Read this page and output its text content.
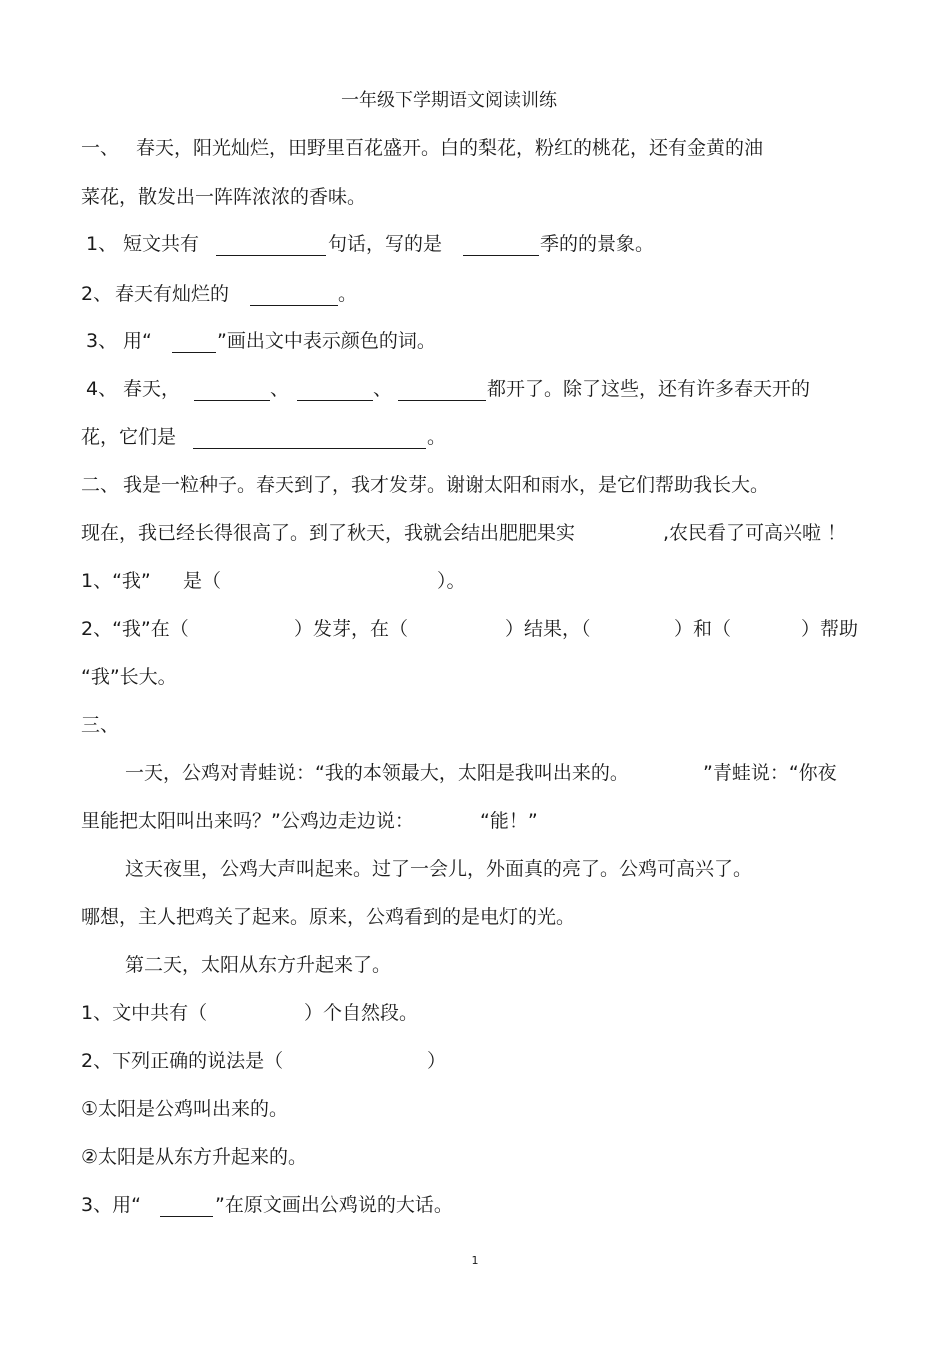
一年级下学期语文阅读训练
一、 春天，阳光灿烂，田野里百花盛开。白的梨花，粉红的桃花，还有金黄的油
菜花，散发出一阵阵浓浓的香味。
1、 短文共有	句话，写的是	季的的景象。
2、 春天有灿烂的	。
3、 用“	”画出文中表示颜色的词。
4、 春天，	、	、	都开了。除了这些，还有许多春天开的
花，它们是	。
二、 我是一粒种子。春天到了，我才发芽。谢谢太阳和雨水，是它们帮助我长大。
现在，我已经长得很高了。到了秋天，我就会结出肥肥果实	,农民看了可高兴啦 ！
1、“我” 是（	）。
2、“我”在（	）发芽，在（	）结果，（	）和（	）帮助
“我”长大。
三、
一天，公鸡对青蛙说：“我的本领最大，太阳是我叫出来的。	”青蛙说：“你夜
里能把太阳叫出来吗？”公鸡边走边说：	“能！”
这天夜里，公鸡大声叫起来。过了一会儿，外面真的亮了。公鸡可高兴了。
哪想，主人把鸡关了起来。原来，公鸡看到的是电灯的光。
第二天，太阳从东方升起来了。
1、文中共有（	）个自然段。
2、下列正确的说法是（	）
①太阳是公鸡叫出来的。
②太阳是从东方升起来的。
3、用“	”在原文画出公鸡说的大话。
1
